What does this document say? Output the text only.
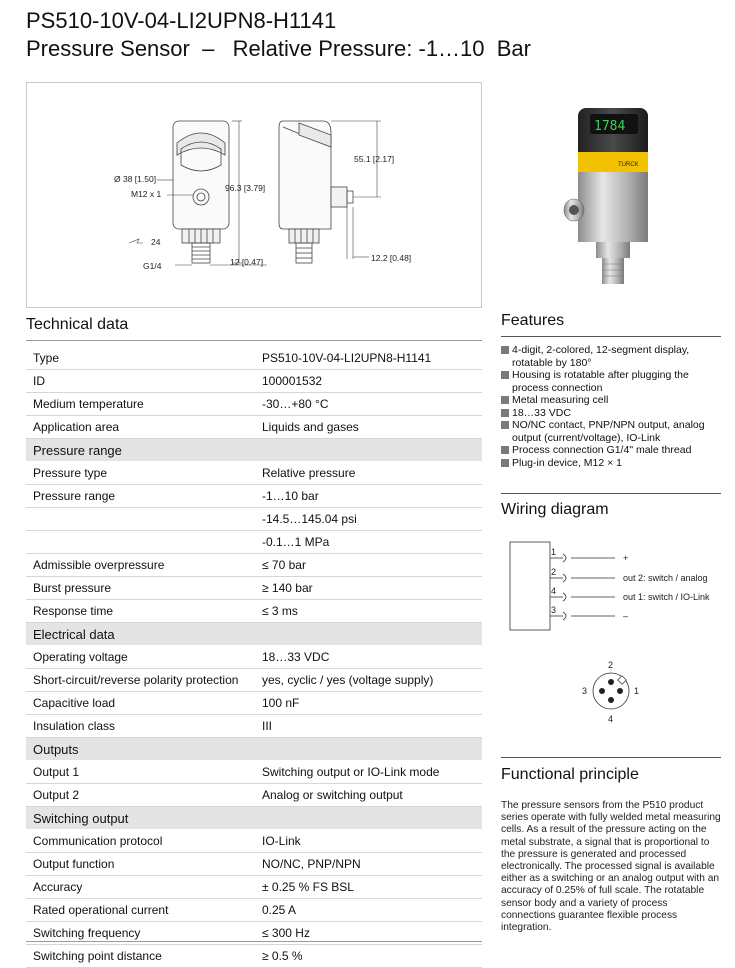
PS510-10V-04-LI2UPN8-H1141
Pressure Sensor  –   Relative Pressure: -1…10  Bar
Ø 38 [1.50]
M12 x 1
96.3 [3.79]
24
G1/4	12 [0.47]
55.1 [2.17]
12.2 [0.48]
1784
TURCK
Technical data
Type	PS510-10V-04-LI2UPN8-H1141
ID	100001532
Medium temperature	-30…+80 °C
Application area	Liquids and gases
Pressure range	
Pressure type	Relative pressure
Pressure range	-1…10 bar
	-14.5…145.04 psi
	-0.1…1 MPa
Admissible overpressure	≤ 70 bar
Burst pressure	≥ 140 bar
Response time	≤ 3 ms
Electrical data	
Operating voltage	18…33 VDC
Short-circuit/reverse polarity protection	yes, cyclic / yes (voltage supply)
Capacitive load	100 nF
Insulation class	III
Outputs	
Output 1	Switching output or IO-Link mode
Output 2	Analog or switching output
Switching output	
Communication protocol	IO-Link
Output function	NO/NC, PNP/NPN
Accuracy	± 0.25 % FS BSL
Rated operational current	0.25 A
Switching frequency	≤ 300 Hz
Switching point distance	≥ 0.5 %
Features
4-digit, 2-colored, 12-segment display, rotatable by 180°
Housing is rotatable after plugging the process connection
Metal measuring cell
18…33 VDC
NO/NC contact, PNP/NPN output, analog output (current/voltage), IO-Link
Process connection G1/4" male thread
Plug-in device, M12 × 1
Wiring diagram
1
2
4
3
+
out 2: switch / analog
out 1: switch / IO-Link
–
2
1
3
4
Functional principle
The pressure sensors from the P510 product series operate with fully welded metal measuring cells. As a result of the pressure acting on the metal substrate, a signal that is proportional to the pressure is generated and processed electronically. The processed signal is available either as a switching or an analog output with an accuracy of 0.25% of full scale. The rotatable sensor body and a variety of process connections guarantee flexible process integration.
